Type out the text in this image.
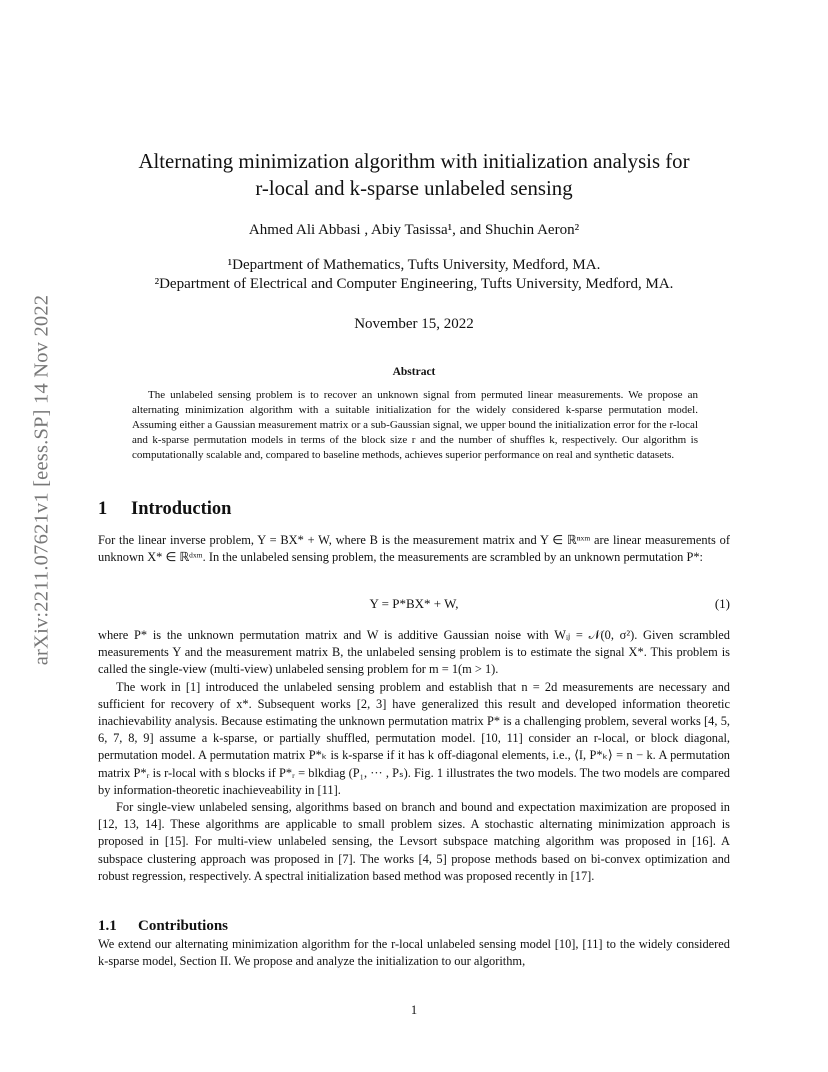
arXiv:2211.07621v1 [eess.SP] 14 Nov 2022
Alternating minimization algorithm with initialization analysis for
r-local and k-sparse unlabeled sensing
Ahmed Ali Abbasi , Abiy Tasissa¹, and Shuchin Aeron²
¹Department of Mathematics, Tufts University, Medford, MA.
²Department of Electrical and Computer Engineering, Tufts University, Medford, MA.
November 15, 2022
Abstract

The unlabeled sensing problem is to recover an unknown signal from permuted linear measurements. We propose an alternating minimization algorithm with a suitable initialization for the widely considered k-sparse permutation model. Assuming either a Gaussian measurement matrix or a sub-Gaussian signal, we upper bound the initialization error for the r-local and k-sparse permutation models in terms of the block size r and the number of shuffles k, respectively. Our algorithm is computationally scalable and, compared to baseline methods, achieves superior performance on real and synthetic datasets.

1 Introduction

For the linear inverse problem, Y = BX* + W, where B is the measurement matrix and Y ∈ ℝⁿˣᵐ are linear measurements of unknown X* ∈ ℝᵈˣᵐ. In the unlabeled sensing problem, the measurements are scrambled by an unknown permutation P*:

Y = P*BX* + W,	(1)

where P* is the unknown permutation matrix and W is additive Gaussian noise with Wᵢⱼ = 𝒩(0, σ²). Given scrambled measurements Y and the measurement matrix B, the unlabeled sensing problem is to estimate the signal X*. This problem is called the single-view (multi-view) unlabeled sensing problem for m = 1(m > 1).

The work in [1] introduced the unlabeled sensing problem and establish that n = 2d measurements are necessary and sufficient for recovery of x*. Subsequent works [2, 3] have generalized this result and developed information theoretic inachievability analysis. Because estimating the unknown permutation matrix P* is a challenging problem, several works [4, 5, 6, 7, 8, 9] assume a k-sparse, or partially shuffled, permutation model. [10, 11] consider an r-local, or block diagonal, permutation model. A permutation matrix P*ₖ is k-sparse if it has k off-diagonal elements, i.e., ⟨I, P*ₖ⟩ = n − k. A permutation matrix P*ᵣ is r-local with s blocks if P*ᵣ = blkdiag (P₁, ··· , Pₛ). Fig. 1 illustrates the two models. The two models are compared by information-theoretic inachieveability in [11].

For single-view unlabeled sensing, algorithms based on branch and bound and expectation maximization are proposed in [12, 13, 14]. These algorithms are applicable to small problem sizes. A stochastic alternating minimization approach is proposed in [15]. For multi-view unlabeled sensing, the Levsort subspace matching algorithm was proposed in [16]. A subspace clustering approach was proposed in [7]. The works [4, 5] propose methods based on bi-convex optimization and robust regression, respectively. A spectral initialization based method was proposed recently in [17].

1.1 Contributions

We extend our alternating minimization algorithm for the r-local unlabeled sensing model [10], [11] to the widely considered k-sparse model, Section II. We propose and analyze the initialization to our algorithm,

1
